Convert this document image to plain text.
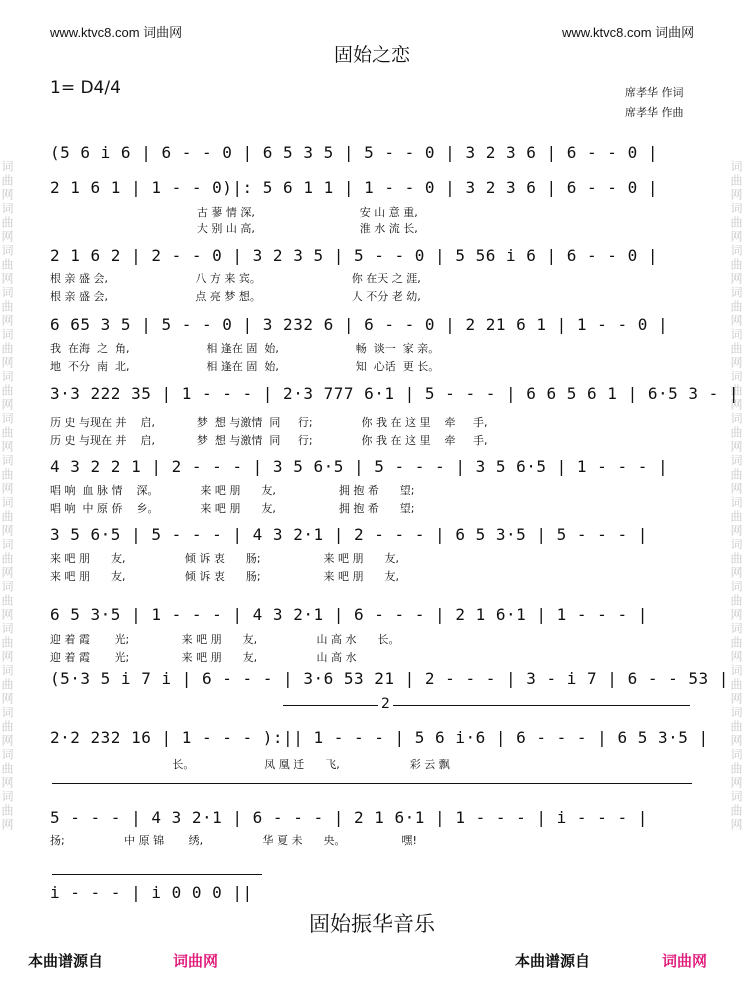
www.ktvc8.com 词曲网	www.ktvc8.com 词曲网
词曲网词曲网词曲网词曲网词曲网词曲网词曲网词曲网词曲网词曲网词曲网词曲网词曲网词曲网词曲网词曲网	词曲网词曲网词曲网词曲网词曲网词曲网词曲网词曲网词曲网词曲网词曲网词曲网词曲网词曲网词曲网词曲网
固始之恋
1= D4/4	席孝华 作词
席孝华 作曲
(5 6 i 6 | 6 - - 0 | 6 5 3 5 | 5 - - 0 | 3 2 3 6 | 6 - - 0 |
2 1 6 1 | 1 - - 0)|: 5 6 1 1 | 1 - - 0 | 3 2 3 6 | 6 - - 0 |
古 蓼 情 深,                              安 山 意 重,
大 别 山 高,                              淮 水 流 长,
2 1 6 2 | 2 - - 0 | 3 2 3 5 | 5 - - 0 | 5 56 i 6 | 6 - - 0 |
根 亲 盛 会,                         八 方 来 宾。                          你 在天 之 涯,
根 亲 盛 会,                         点 亮 梦 想。                          人 不分 老 幼,
6 65 3 5 | 5 - - 0 | 3 232 6 | 6 - - 0 | 2 21 6 1 | 1 - - 0 |
我  在海  之  角,                      相 逢在 固  始,                      畅  谈一  家 亲。
地  不分  南  北,                      相 逢在 固  始,                      知  心话  更 长。
3·3 222 35 | 1 - - - | 2·3 777 6·1 | 5 - - - | 6 6 5 6 1 | 6·5 3 - |
历 史 与现在 并    启,            梦  想 与激情  同     行;              你 我 在 这 里    牵     手,
历 史 与现在 并    启,            梦  想 与激情  同     行;              你 我 在 这 里    牵     手,
4 3 2 2 1 | 2 - - - | 3 5 6·5 | 5 - - - | 3 5 6·5 | 1 - - - |
唱 响  血 脉 情    深。            来 吧 朋      友,                  拥 抱 希      望;
唱 响  中 原 侨    乡。            来 吧 朋      友,                  拥 抱 希      望;
3 5 6·5 | 5 - - - | 4 3 2·1 | 2 - - - | 6 5 3·5 | 5 - - - |
来 吧 朋      友,                 倾 诉 衷      肠;                  来 吧 朋      友,
来 吧 朋      友,                 倾 诉 衷      肠;                  来 吧 朋      友,
6 5 3·5 | 1 - - - | 4 3 2·1 | 6 - - - | 2 1 6·1 | 1 - - - |
迎 着 霞       光;               来 吧 朋      友,                 山 高 水      长。
迎 着 霞       光;               来 吧 朋      友,                 山 高 水
(5·3 5 i 7 i | 6 - - - | 3·6 53 21 | 2 - - - | 3 - i 7 | 6 - - 53 |
2
2·2 232 16 | 1 - - - ):|| 1 - - - | 5 6 i·6 | 6 - - - | 6 5 3·5 |
长。                    凤 凰 迁      飞,                    彩 云 飘
5 - - - | 4 3 2·1 | 6 - - - | 2 1 6·1 | 1 - - - | i - - - |
扬;                 中 原 锦       绣,                 华 夏 未      央。                嘿!
i - - - | i 0 0 0 ||
固始振华音乐
本曲谱源自	词曲网	本曲谱源自	词曲网
